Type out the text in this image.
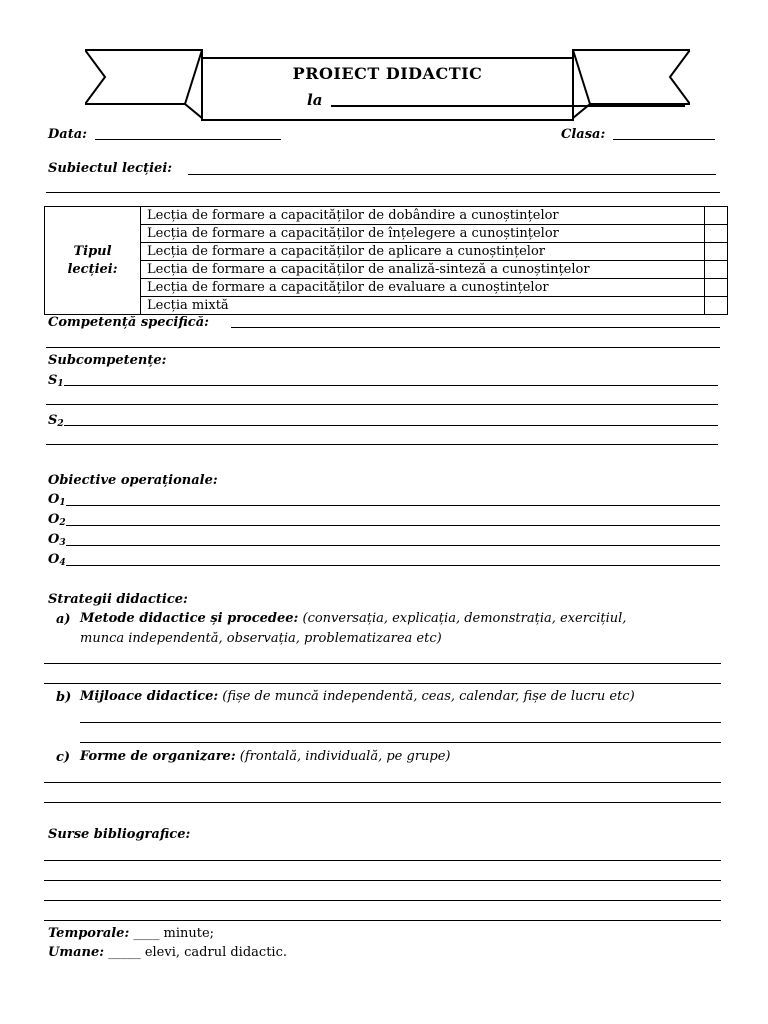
PROIECT DIDACTIC
la
Data:	Clasa:
Subiectul lecției:
Tipul
lecției:	Lecția de formare a capacităților de dobândire a cunoștințelor	
	Lecția de formare a capacităților de înțelegere a cunoștințelor	
	Lecția de formare a capacităților de aplicare a cunoștințelor	
	Lecția de formare a capacităților de analiză-sinteză a cunoștințelor	
	Lecția de formare a capacităților de evaluare a cunoștințelor	
	Lecția mixtă	
Competență specifică:
Subcompetențe:
$S_1$
$S_2$
Obiective operaționale:
$O_1$
$O_2$
$O_3$
$O_4$
Strategii didactice:
a) Metode didactice și procedee: (conversația, explicația, demonstrația, exercițiul,
munca independentă, observația, problematizarea etc)
b) Mijloace didactice: (fișe de muncă independentă, ceas, calendar, fișe de lucru etc)
c) Forme de organizare: (frontală, individuală, pe grupe)
Surse bibliografice:
Temporale: ____ minute;
Umane: _____ elevi, cadrul didactic.
